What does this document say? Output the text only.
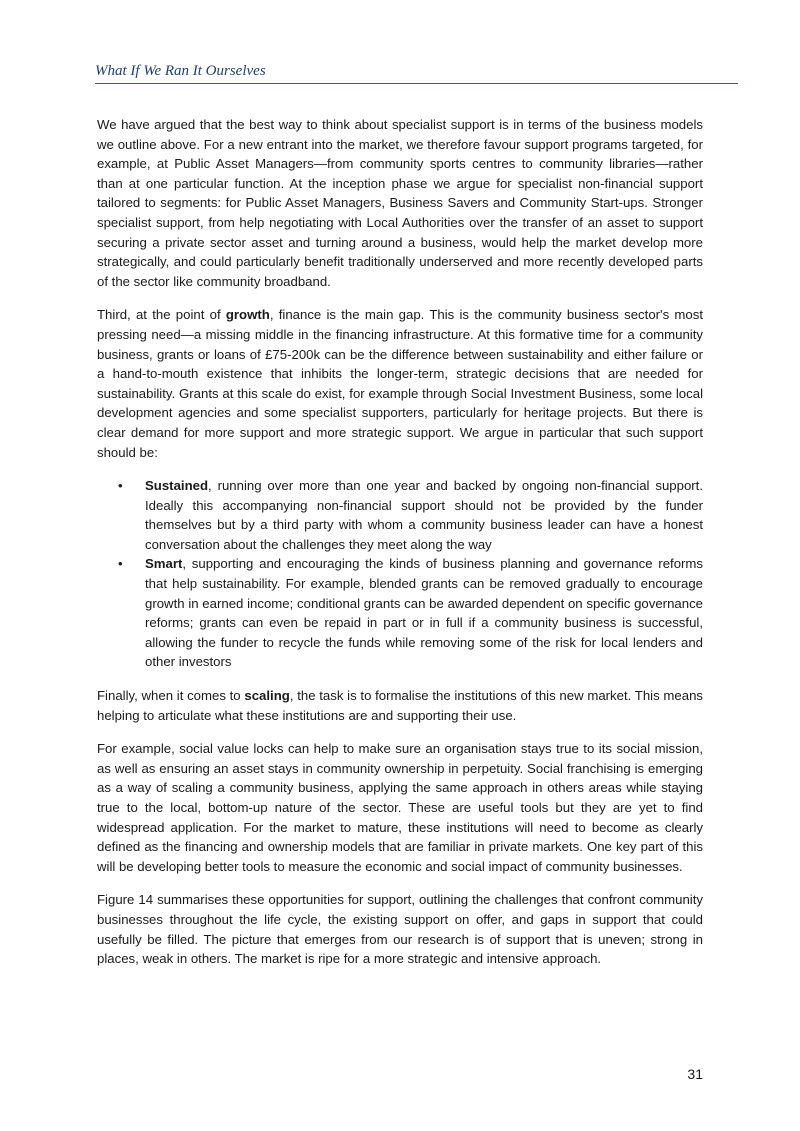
What If We Ran It Ourselves

We have argued that the best way to think about specialist support is in terms of the business models we outline above. For a new entrant into the market, we therefore favour support programs targeted, for example, at Public Asset Managers—from community sports centres to community libraries—rather than at one particular function. At the inception phase we argue for specialist non-financial support tailored to segments: for Public Asset Managers, Business Savers and Community Start-ups. Stronger specialist support, from help negotiating with Local Authorities over the transfer of an asset to support securing a private sector asset and turning around a business, would help the market develop more strategically, and could particularly benefit traditionally underserved and more recently developed parts of the sector like community broadband.

Third, at the point of growth, finance is the main gap. This is the community business sector's most pressing need—a missing middle in the financing infrastructure. At this formative time for a community business, grants or loans of £75-200k can be the difference between sustainability and either failure or a hand-to-mouth existence that inhibits the longer-term, strategic decisions that are needed for sustainability. Grants at this scale do exist, for example through Social Investment Business, some local development agencies and some specialist supporters, particularly for heritage projects. But there is clear demand for more support and more strategic support. We argue in particular that such support should be:

• Sustained, running over more than one year and backed by ongoing non-financial support. Ideally this accompanying non-financial support should not be provided by the funder themselves but by a third party with whom a community business leader can have a honest conversation about the challenges they meet along the way
• Smart, supporting and encouraging the kinds of business planning and governance reforms that help sustainability. For example, blended grants can be removed gradually to encourage growth in earned income; conditional grants can be awarded dependent on specific governance reforms; grants can even be repaid in part or in full if a community business is successful, allowing the funder to recycle the funds while removing some of the risk for local lenders and other investors

Finally, when it comes to scaling, the task is to formalise the institutions of this new market. This means helping to articulate what these institutions are and supporting their use.

For example, social value locks can help to make sure an organisation stays true to its social mission, as well as ensuring an asset stays in community ownership in perpetuity. Social franchising is emerging as a way of scaling a community business, applying the same approach in others areas while staying true to the local, bottom-up nature of the sector. These are useful tools but they are yet to find widespread application. For the market to mature, these institutions will need to become as clearly defined as the financing and ownership models that are familiar in private markets. One key part of this will be developing better tools to measure the economic and social impact of community businesses.

Figure 14 summarises these opportunities for support, outlining the challenges that confront community businesses throughout the life cycle, the existing support on offer, and gaps in support that could usefully be filled. The picture that emerges from our research is of support that is uneven; strong in places, weak in others. The market is ripe for a more strategic and intensive approach.

31
